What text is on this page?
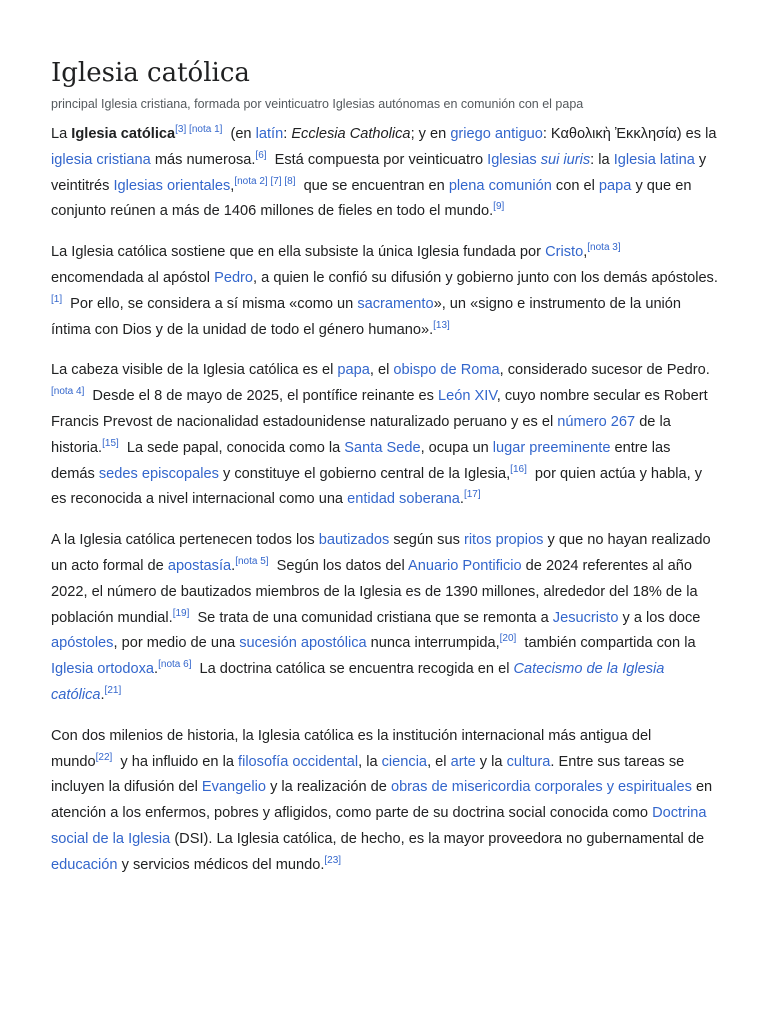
Iglesia católica
principal Iglesia cristiana, formada por veinticuatro Iglesias autónomas en comunión con el papa

La Iglesia católica[3] [nota 1] (en latín: Ecclesia Catholica; y en griego antiguo: Καθολικὴ Ἐκκλησία) es la iglesia cristiana más numerosa.[6] Está compuesta por veinticuatro Iglesias sui iuris: la Iglesia latina y veintitrés Iglesias orientales,[nota 2] [7] [8] que se encuentran en plena comunión con el papa y que en conjunto reúnen a más de 1406 millones de fieles en todo el mundo.[9]

La Iglesia católica sostiene que en ella subsiste la única Iglesia fundada por Cristo,[nota 3] encomendada al apóstol Pedro, a quien le confió su difusión y gobierno junto con los demás apóstoles.[1] Por ello, se considera a sí misma «como un sacramento», un «signo e instrumento de la unión íntima con Dios y de la unidad de todo el género humano».[13]

La cabeza visible de la Iglesia católica es el papa, el obispo de Roma, considerado sucesor de Pedro.[nota 4] Desde el 8 de mayo de 2025, el pontífice reinante es León XIV, cuyo nombre secular es Robert Francis Prevost de nacionalidad estadounidense naturalizado peruano y es el número 267 de la historia.[15] La sede papal, conocida como la Santa Sede, ocupa un lugar preeminente entre las demás sedes episcopales y constituye el gobierno central de la Iglesia,[16] por quien actúa y habla, y es reconocida a nivel internacional como una entidad soberana.[17]

A la Iglesia católica pertenecen todos los bautizados según sus ritos propios y que no hayan realizado un acto formal de apostasía.[nota 5] Según los datos del Anuario Pontificio de 2024 referentes al año 2022, el número de bautizados miembros de la Iglesia es de 1390 millones, alrededor del 18% de la población mundial.[19] Se trata de una comunidad cristiana que se remonta a Jesucristo y a los doce apóstoles, por medio de una sucesión apostólica nunca interrumpida,[20] también compartida con la Iglesia ortodoxa.[nota 6] La doctrina católica se encuentra recogida en el Catecismo de la Iglesia católica.[21]

Con dos milenios de historia, la Iglesia católica es la institución internacional más antigua del mundo[22] y ha influido en la filosofía occidental, la ciencia, el arte y la cultura. Entre sus tareas se incluyen la difusión del Evangelio y la realización de obras de misericordia corporales y espirituales en atención a los enfermos, pobres y afligidos, como parte de su doctrina social conocida como Doctrina social de la Iglesia (DSI). La Iglesia católica, de hecho, es la mayor proveedora no gubernamental de educación y servicios médicos del mundo.[23]
